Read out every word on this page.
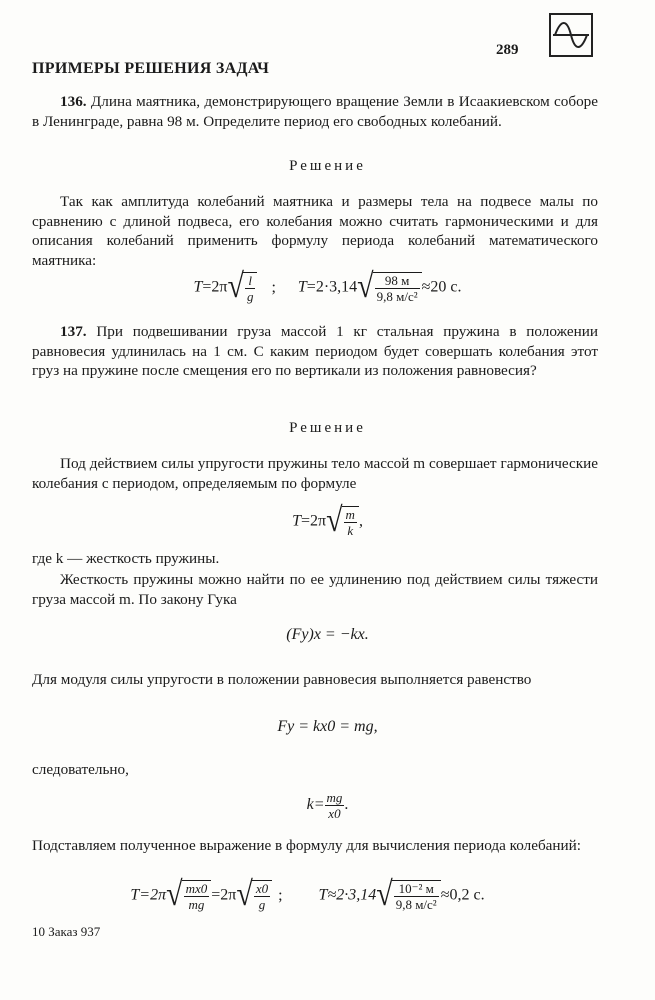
289
ПРИМЕРЫ РЕШЕНИЯ ЗАДАЧ
136. Длина маятника, демонстрирующего вращение Земли в Исаакиевском соборе в Ленинграде, равна 98 м. Определите период его свободных колебаний.
Решение
Так как амплитуда колебаний маятника и размеры тела на подвесе малы по сравнению с длиной подвеса, его колебания можно считать гармоническими и для описания колебаний применить формулу периода колебаний математического маятника:
T=2π √ $\frac{l}{g}$ ; T=2·3,14 √ $\frac{98 м}{\text{9,8 м/с²}} \approx 20$ с.
137. При подвешивании груза массой 1 кг стальная пружина в положении равновесия удлинилась на 1 см. С каким периодом будет совершать колебания этот груз на пружине после смещения его по вертикали из положения равновесия?
Решение
Под действием силы упругости пружины тело массой m совершает гармонические колебания с периодом, определяемым по формуле
T=2π √ $\frac{m}{k}$ ,
где k — жесткость пружины.
Жесткость пружины можно найти по ее удлинению под действием силы тяжести груза массой m. По закону Гука
(Fy)x = −kx.
Для модуля силы упругости в положении равновесия выполняется равенство
Fy = kx0 = mg,
следовательно,
$k= \frac{mg}{x0}$ .
Подставляем полученное выражение в формулу для вычисления периода колебаний:
T=2π √ $\frac{mx0}{mg} =2\pi$ √ $\frac{x0}{g}$ ; T≈2·3,14 √ $\frac{\text{10⁻² м}}{\text{9,8 м/с²}} \approx 0,2$ с.
10 Заказ 937
